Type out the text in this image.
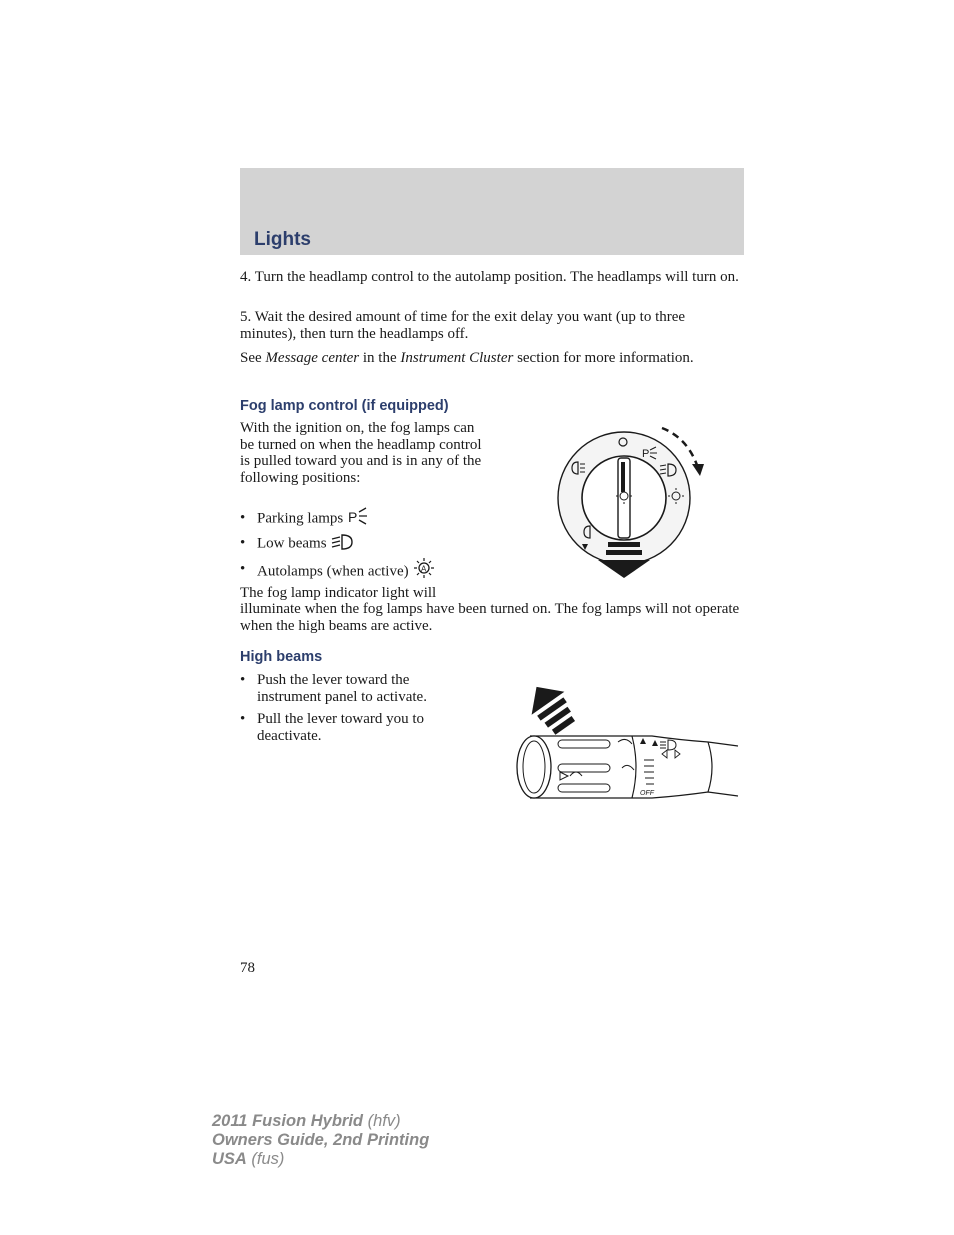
Lights

4. Turn the headlamp control to the autolamp position. The headlamps will turn on.

5. Wait the desired amount of time for the exit delay you want (up to three minutes), then turn the headlamps off.

See Message center in the Instrument Cluster section for more information.

Fog lamp control (if equipped)

With the ignition on, the fog lamps can be turned on when the headlamp control is pulled toward you and is in any of the following positions:

• Parking lamps P
• Low beams
• Autolamps (when active) A

The fog lamp indicator light will

illuminate when the fog lamps have been turned on. The fog lamps will not operate when the high beams are active.

P
High beams
• Push the lever toward the instrument panel to activate.
• Pull the lever toward you to deactivate.
OFF
78
2011 Fusion Hybrid (hfv)
Owners Guide, 2nd Printing
USA (fus)
